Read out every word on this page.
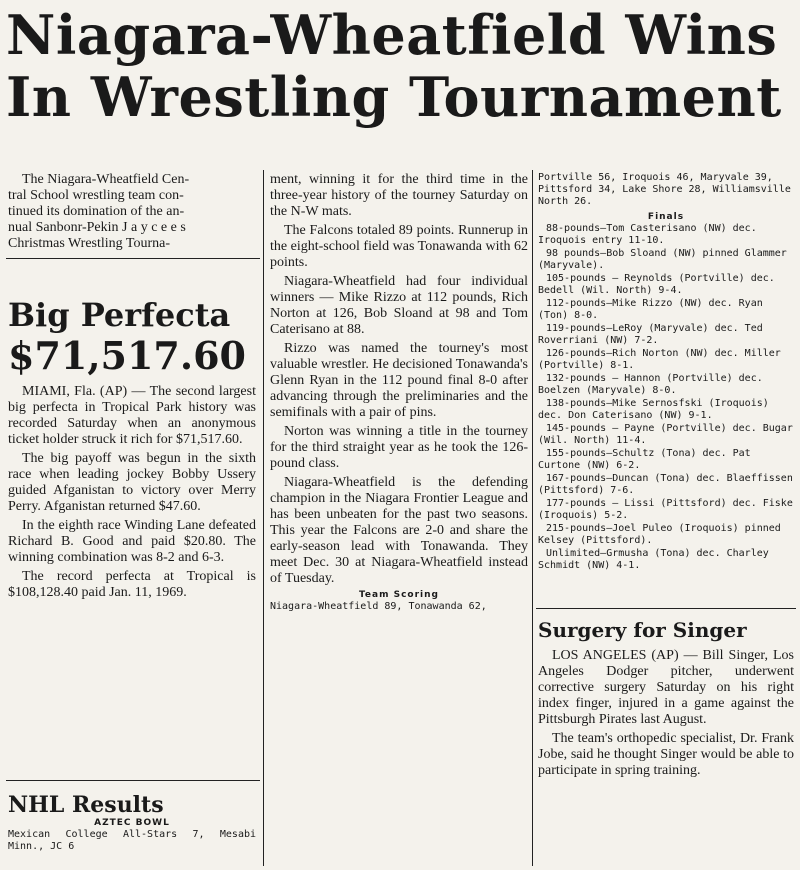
Niagara-Wheatfield Wins
In Wrestling Tournament
The Niagara-Wheatfield Cen-
tral School wrestling team con-
tinued its domination of the an-
nual Sanbonr-Pekin J a y c e e s
Christmas Wrestling Tourna-
Big Perfecta
$71,517.60

MIAMI, Fla. (AP) — The second largest big perfecta in Tropical Park history was recorded Saturday when an anonymous ticket holder struck it rich for $71,517.60.

The big payoff was begun in the sixth race when leading jockey Bobby Ussery guided Afganistan to victory over Merry Perry. Afganistan returned $47.60.

In the eighth race Winding Lane defeated Richard B. Good and paid $20.80. The winning combination was 8-2 and 6-3.

The record perfecta at Tropical is $108,128.40 paid Jan. 11, 1969.

NHL Results
AZTEC BOWL

Mexican College All-Stars 7, Mesabi Minn., JC 6

ment, winning it for the third time in the three-year history of the tourney Saturday on the N-W mats.

The Falcons totaled 89 points. Runnerup in the eight-school field was Tonawanda with 62 points.

Niagara-Wheatfield had four individual winners — Mike Rizzo at 112 pounds, Rich Norton at 126, Bob Sloand at 98 and Tom Caterisano at 88.

Rizzo was named the tourney's most valuable wrestler. He decisioned Tonawanda's Glenn Ryan in the 112 pound final 8-0 after advancing through the preliminaries and the semifinals with a pair of pins.

Norton was winning a title in the tourney for the third straight year as he took the 126-pound class.

Niagara-Wheatfield is the defending champion in the Niagara Frontier League and has been unbeaten for the past two seasons. This year the Falcons are 2-0 and share the early-season lead with Tonawanda. They meet Dec. 30 at Niagara-Wheatfield instead of Tuesday.

Team Scoring

Niagara-Wheatfield 89, Tonawanda 62,

Portville 56, Iroquois 46, Maryvale 39, Pittsford 34, Lake Shore 28, Williamsville North 26.

Finals

88-pounds—Tom Casterisano (NW) dec. Iroquois entry 11-10.

98 pounds—Bob Sloand (NW) pinned Glammer (Maryvale).

105-pounds — Reynolds (Portville) dec. Bedell (Wil. North) 9-4.

112-pounds—Mike Rizzo (NW) dec. Ryan (Ton) 8-0.

119-pounds—LeRoy (Maryvale) dec. Ted Roverriani (NW) 7-2.

126-pounds—Rich Norton (NW) dec. Miller (Portville) 8-1.

132-pounds — Hannon (Portville) dec. Boelzen (Maryvale) 8-0.

138-pounds—Mike Sernosfski (Iroquois) dec. Don Caterisano (NW) 9-1.

145-pounds — Payne (Portville) dec. Bugar (Wil. North) 11-4.

155-pounds—Schultz (Tona) dec. Pat Curtone (NW) 6-2.

167-pounds—Duncan (Tona) dec. Blaeffissen (Pittsford) 7-6.

177-pounds — Lissi (Pittsford) dec. Fiske (Iroquois) 5-2.

215-pounds—Joel Puleo (Iroquois) pinned Kelsey (Pittsford).

Unlimited—Grmusha (Tona) dec. Charley Schmidt (NW) 4-1.

Surgery for Singer

LOS ANGELES (AP) — Bill Singer, Los Angeles Dodger pitcher, underwent corrective surgery Saturday on his right index finger, injured in a game against the Pittsburgh Pirates last August.

The team's orthopedic specialist, Dr. Frank Jobe, said he thought Singer would be able to participate in spring training.
